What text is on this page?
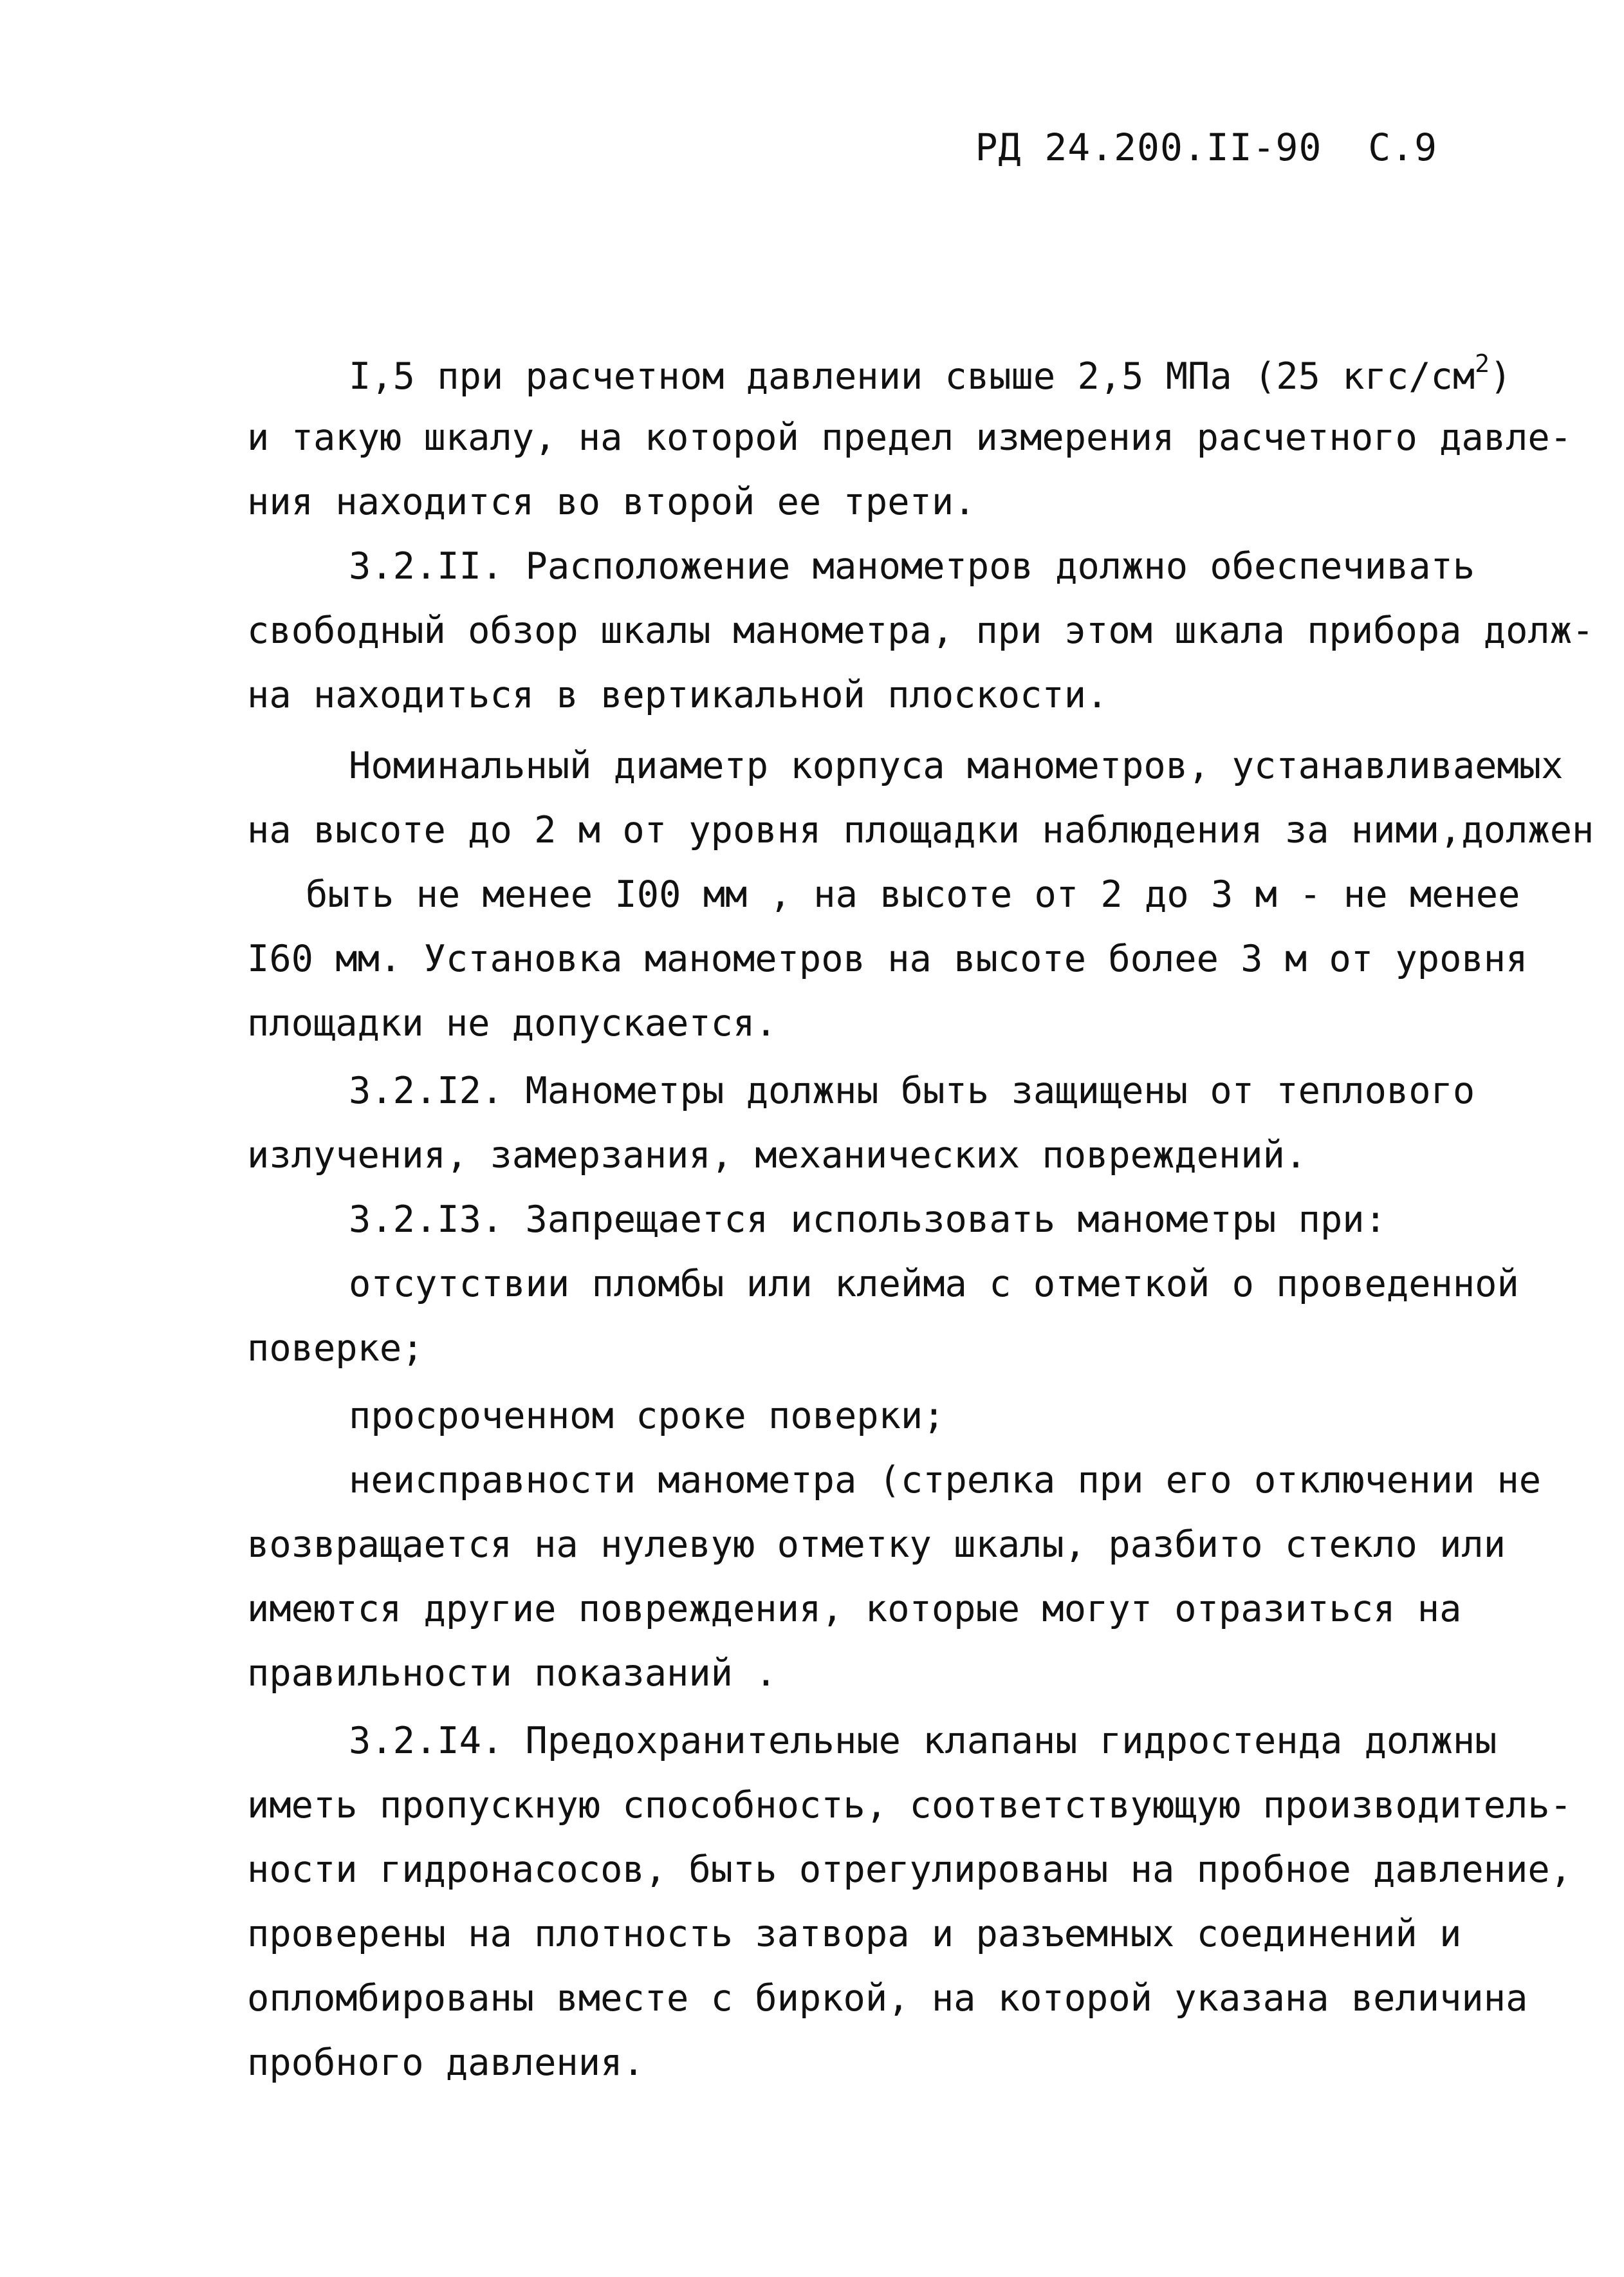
РД 24.200.II-90 С.9
I,5 при расчетном давлении свыше 2,5 МПа (25 кгс/$см^2$)
и такую шкалу, на которой предел измерения расчетного давле-
ния находится во второй ее трети.
3.2.II. Расположение манометров должно обеспечивать
свободный обзор шкалы манометра, при этом шкала прибора долж-
на находиться в вертикальной плоскости.
Номинальный диаметр корпуса манометров, устанавливаемых
на высоте до 2 м от уровня площадки наблюдения за ними,должен
быть не менее I00 мм , на высоте от 2 до 3 м - не менее
I60 мм. Установка манометров на высоте более 3 м от уровня
площадки не допускается.
3.2.I2. Манометры должны быть защищены от теплового
излучения, замерзания, механических повреждений.
3.2.I3. Запрещается использовать манометры при:
отсутствии пломбы или клейма с отметкой о проведенной
поверке;
просроченном сроке поверки;
неисправности манометра (стрелка при его отключении не
возвращается на нулевую отметку шкалы, разбито стекло или
имеются другие повреждения, которые могут отразиться на
правильности показаний .
3.2.I4. Предохранительные клапаны гидростенда должны
иметь пропускную способность, соответствующую производитель-
ности гидронасосов, быть отрегулированы на пробное давление,
проверены на плотность затвора и разъемных соединений и
опломбированы вместе с биркой, на которой указана величина
пробного давления.
